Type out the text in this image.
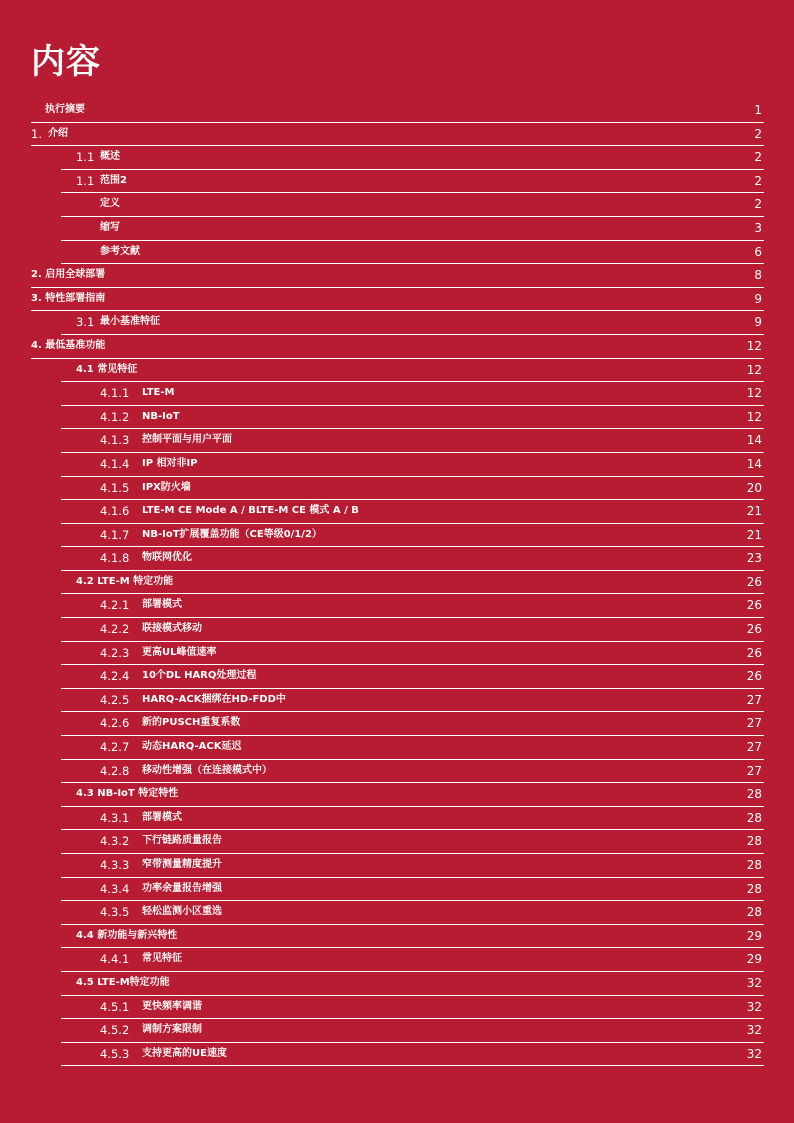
内容
执行摘要	1
1. 介绍	2
1.1 概述	2
1.1 范围2	2
定义	2
缩写	3
参考文献	6
2. 启用全球部署	8
3. 特性部署指南	9
3.1 最小基准特征	9
4. 最低基准功能	12
4.1 常见特征	12
4.1.1 LTE-M	12
4.1.2 NB-IoT	12
4.1.3 控制平面与用户平面	14
4.1.4 IP 相对非IP	14
4.1.5 IPX防火墙	20
4.1.6 LTE-M CE Mode A / BLTE-M CE 模式 A / B	21
4.1.7 NB-IoT扩展覆盖功能（CE等级0/1/2）	21
4.1.8 物联网优化	23
4.2 LTE-M 特定功能	26
4.2.1 部署模式	26
4.2.2 联接模式移动	26
4.2.3 更高UL峰值速率	26
4.2.4 10个DL HARQ处理过程	26
4.2.5 HARQ-ACK捆绑在HD-FDD中	27
4.2.6 新的PUSCH重复系数	27
4.2.7 动态HARQ-ACK延迟	27
4.2.8 移动性增强（在连接模式中）	27
4.3 NB-IoT 特定特性	28
4.3.1 部署模式	28
4.3.2 下行链路质量报告	28
4.3.3 窄带测量精度提升	28
4.3.4 功率余量报告增强	28
4.3.5 轻松监测小区重选	28
4.4 新功能与新兴特性	29
4.4.1 常见特征	29
4.5 LTE-M特定功能	32
4.5.1 更快频率调谐	32
4.5.2 调制方案限制	32
4.5.3 支持更高的UE速度	32
